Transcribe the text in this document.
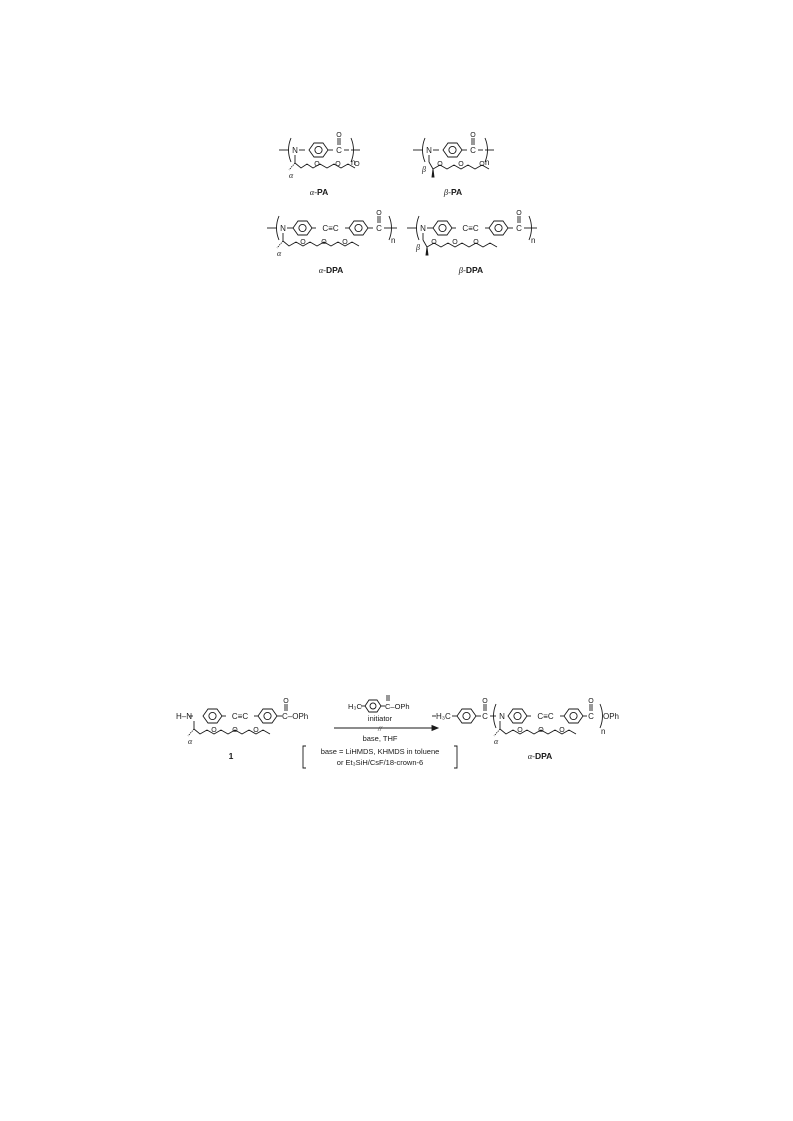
N
O
C
n
O O O
α
α-PA
N
O
C
n
O O O
β
β-PA
N	C≡C
O
C
n
O O O
α
α-DPA
N	C≡C
O
C
n
O O O
β
β-DPA
H–N	C≡C
O
C–OPh
O O O
α
1
H₃C	C–OPh
initiator
//
base, THF
base = LiHMDS, KHMDS in toluene
or Et₃SiH/CsF/18-crown-6
H₃C
O
C N	C≡C
O
C OPh
n
O O O
α
α-DPA
